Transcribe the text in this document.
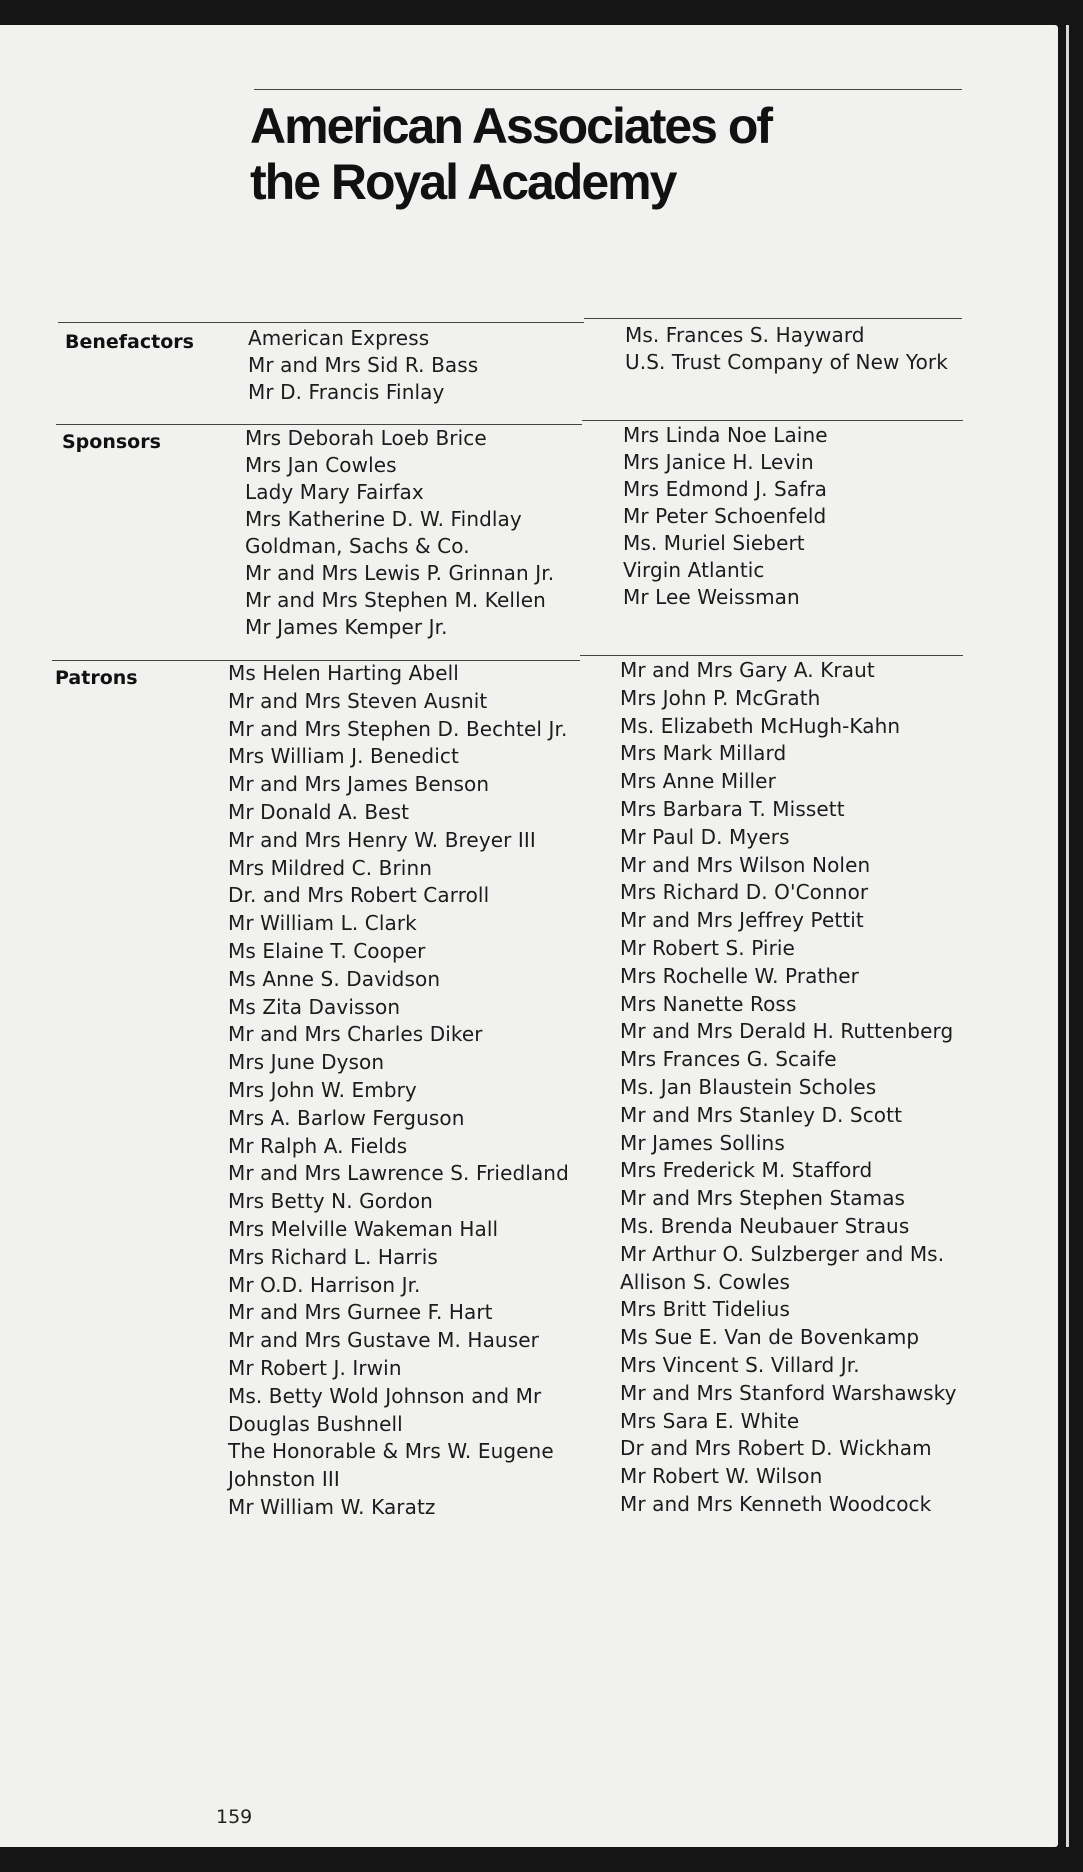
American Associates of
the Royal Academy
Benefactors	American Express
Mr and Mrs Sid R. Bass
Mr D. Francis Finlay
Ms. Frances S. Hayward
U.S. Trust Company of New York
Sponsors	Mrs Deborah Loeb Brice
Mrs Jan Cowles
Lady Mary Fairfax
Mrs Katherine D. W. Findlay
Goldman, Sachs & Co.
Mr and Mrs Lewis P. Grinnan Jr.
Mr and Mrs Stephen M. Kellen
Mr James Kemper Jr.
Mrs Linda Noe Laine
Mrs Janice H. Levin
Mrs Edmond J. Safra
Mr Peter Schoenfeld
Ms. Muriel Siebert
Virgin Atlantic
Mr Lee Weissman
Patrons	Ms Helen Harting Abell
Mr and Mrs Steven Ausnit
Mr and Mrs Stephen D. Bechtel Jr.
Mrs William J. Benedict
Mr and Mrs James Benson
Mr Donald A. Best
Mr and Mrs Henry W. Breyer III
Mrs Mildred C. Brinn
Dr. and Mrs Robert Carroll
Mr William L. Clark
Ms Elaine T. Cooper
Ms Anne S. Davidson
Ms Zita Davisson
Mr and Mrs Charles Diker
Mrs June Dyson
Mrs John W. Embry
Mrs A. Barlow Ferguson
Mr Ralph A. Fields
Mr and Mrs Lawrence S. Friedland
Mrs Betty N. Gordon
Mrs Melville Wakeman Hall
Mrs Richard L. Harris
Mr O.D. Harrison Jr.
Mr and Mrs Gurnee F. Hart
Mr and Mrs Gustave M. Hauser
Mr Robert J. Irwin
Ms. Betty Wold Johnson and Mr
Douglas Bushnell
The Honorable & Mrs W. Eugene
Johnston III
Mr William W. Karatz
Mr and Mrs Gary A. Kraut
Mrs John P. McGrath
Ms. Elizabeth McHugh-Kahn
Mrs Mark Millard
Mrs Anne Miller
Mrs Barbara T. Missett
Mr Paul D. Myers
Mr and Mrs Wilson Nolen
Mrs Richard D. O'Connor
Mr and Mrs Jeffrey Pettit
Mr Robert S. Pirie
Mrs Rochelle W. Prather
Mrs Nanette Ross
Mr and Mrs Derald H. Ruttenberg
Mrs Frances G. Scaife
Ms. Jan Blaustein Scholes
Mr and Mrs Stanley D. Scott
Mr James Sollins
Mrs Frederick M. Stafford
Mr and Mrs Stephen Stamas
Ms. Brenda Neubauer Straus
Mr Arthur O. Sulzberger and Ms.
Allison S. Cowles
Mrs Britt Tidelius
Ms Sue E. Van de Bovenkamp
Mrs Vincent S. Villard Jr.
Mr and Mrs Stanford Warshawsky
Mrs Sara E. White
Dr and Mrs Robert D. Wickham
Mr Robert W. Wilson
Mr and Mrs Kenneth Woodcock
159
